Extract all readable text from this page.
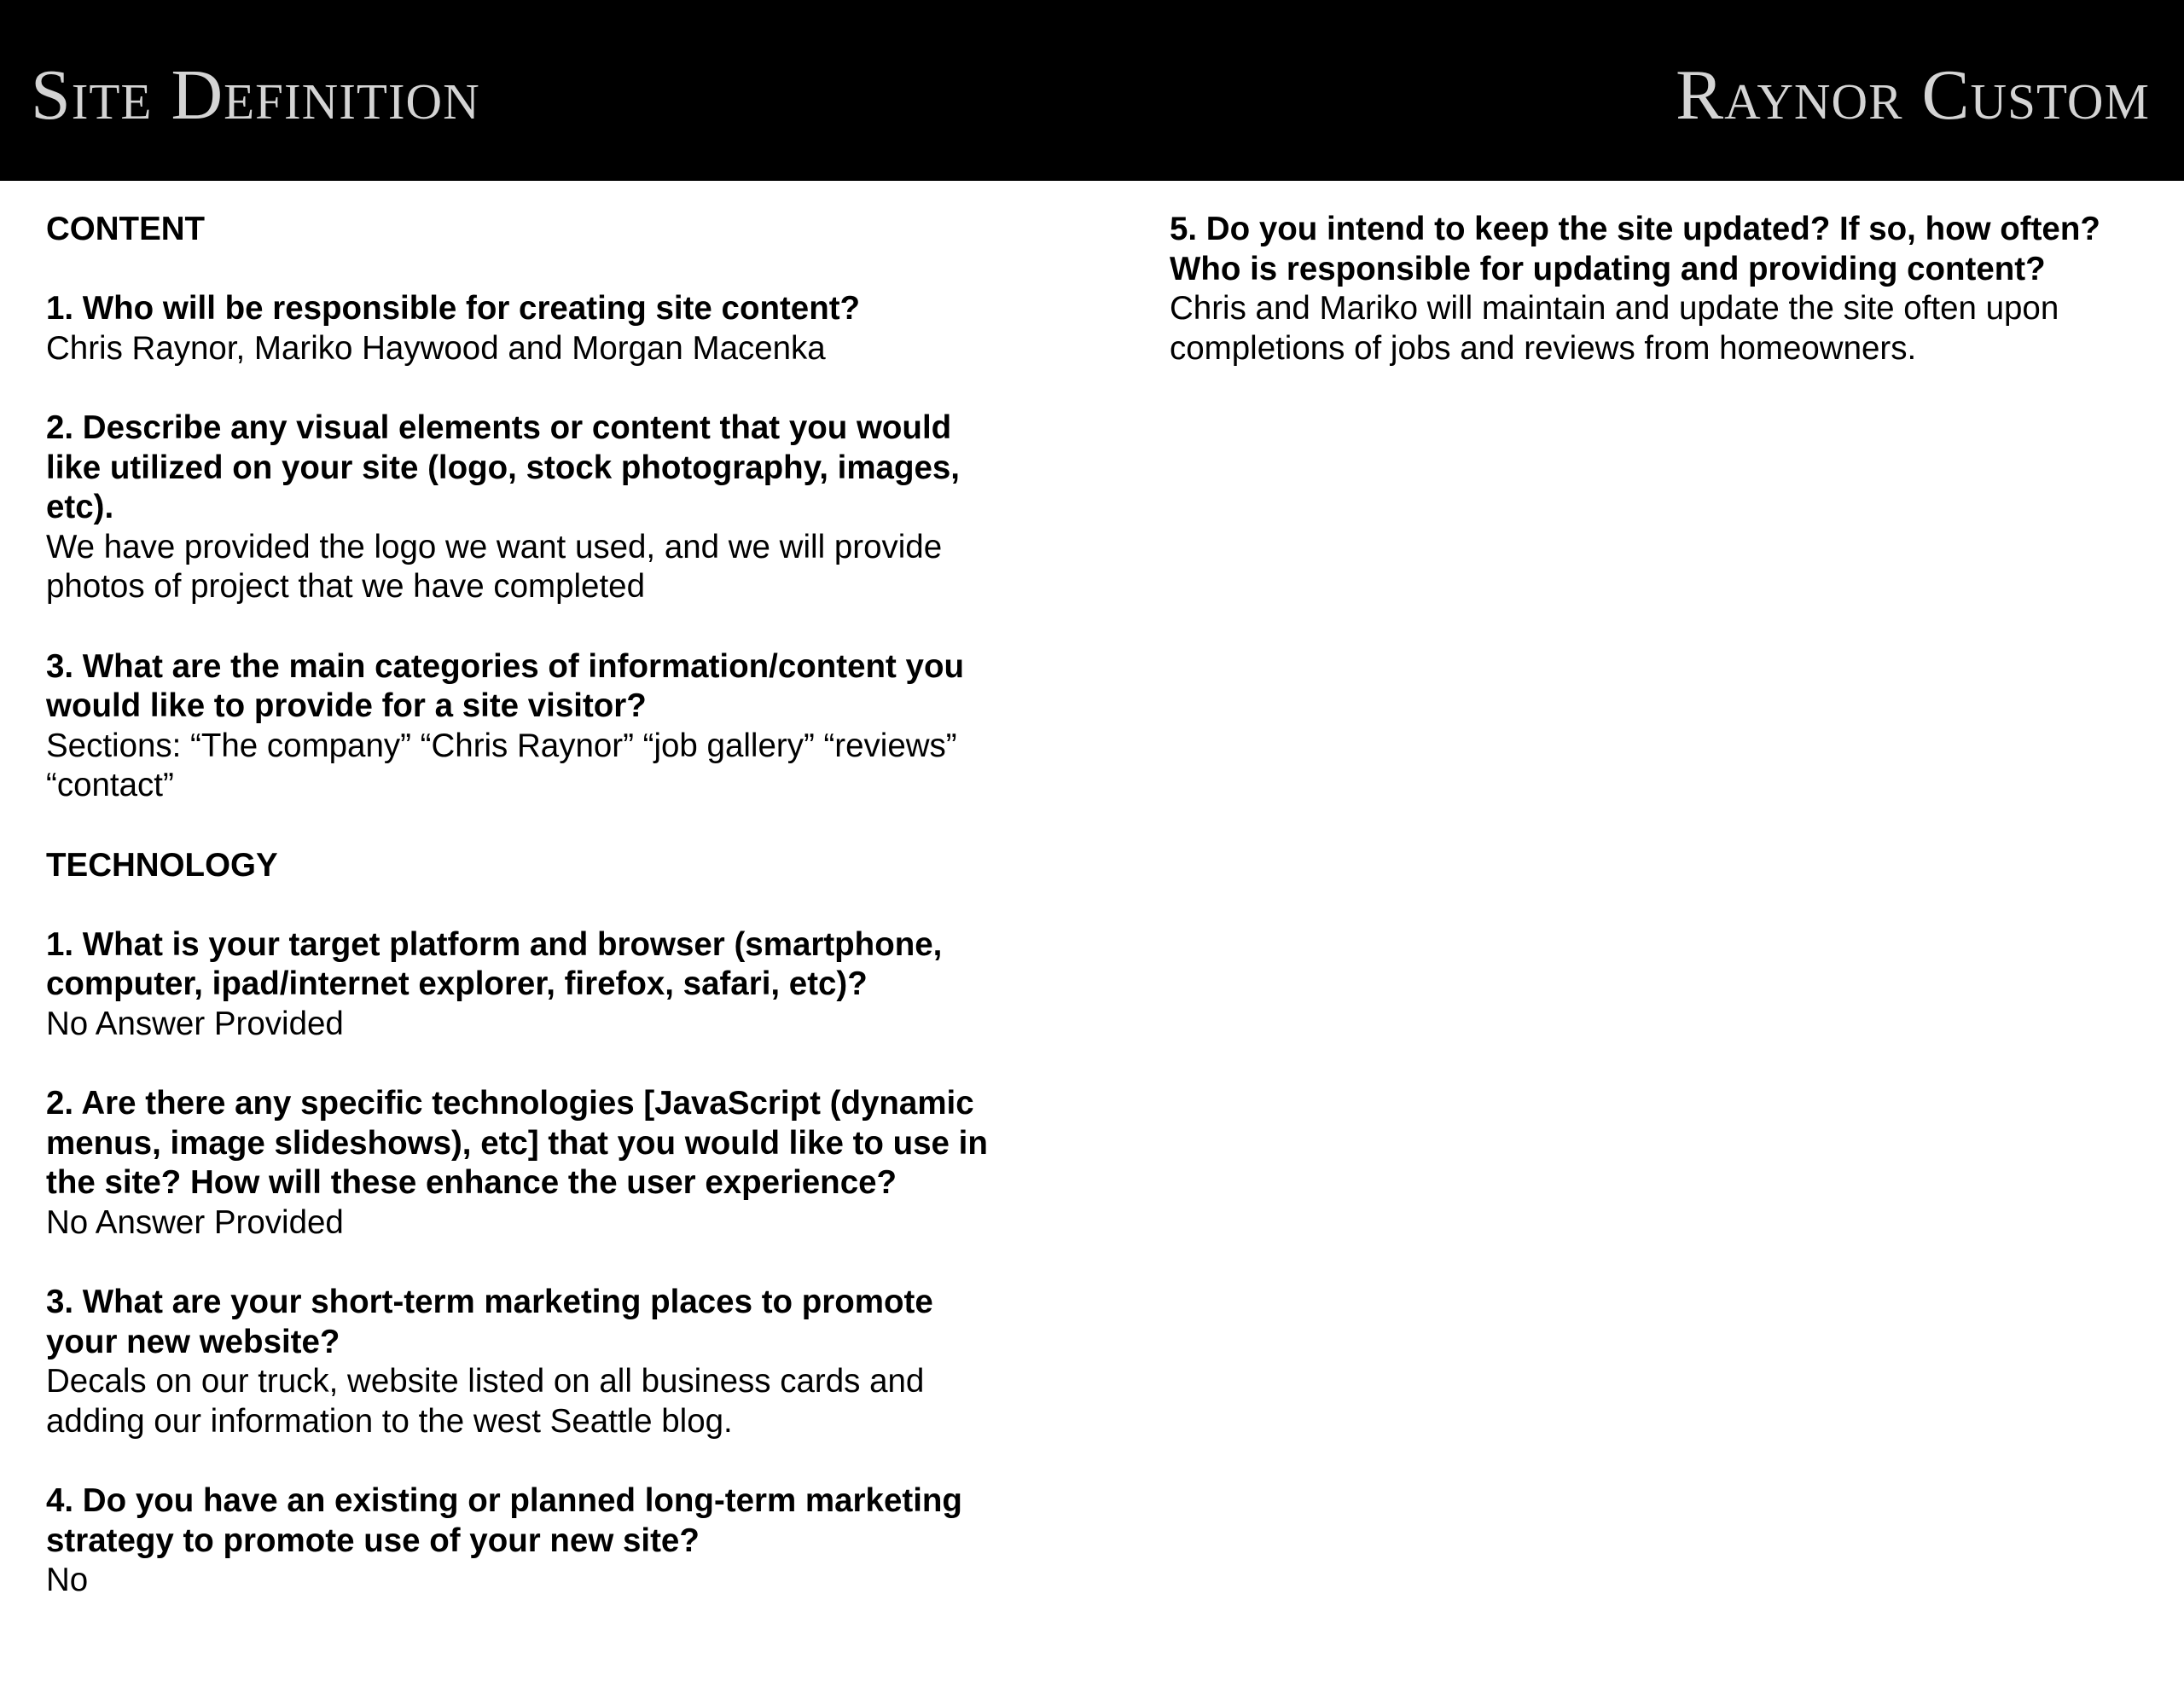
Site Definition	Raynor Custom

CONTENT

1. Who will be responsible for creating site content?

Chris Raynor, Mariko Haywood and Morgan Macenka

2. Describe any visual elements or content that you would like utilized on your site (logo, stock photography, images, etc).

We have provided the logo we want used, and we will provide photos of project that we have completed

3. What are the main categories of information/content you would like to provide for a site visitor?

Sections: “The company” “Chris Raynor” “job gallery” “reviews” “contact”

TECHNOLOGY

1. What is your target platform and browser (smartphone, computer, ipad/internet explorer, firefox, safari, etc)?

No Answer Provided

2. Are there any specific technologies [JavaScript (dynamic menus, image slideshows), etc] that you would like to use in the site? How will these enhance the user experience?

No Answer Provided

3. What are your short-term marketing places to promote your new website?

Decals on our truck, website listed on all business cards and adding our information to the west Seattle blog.

4. Do you have an existing or planned long-term marketing strategy to promote use of your new site?

No

5. Do you intend to keep the site updated? If so, how often? Who is responsible for updating and providing content?

Chris and Mariko will maintain and update the site often upon completions of jobs and reviews from homeowners.
